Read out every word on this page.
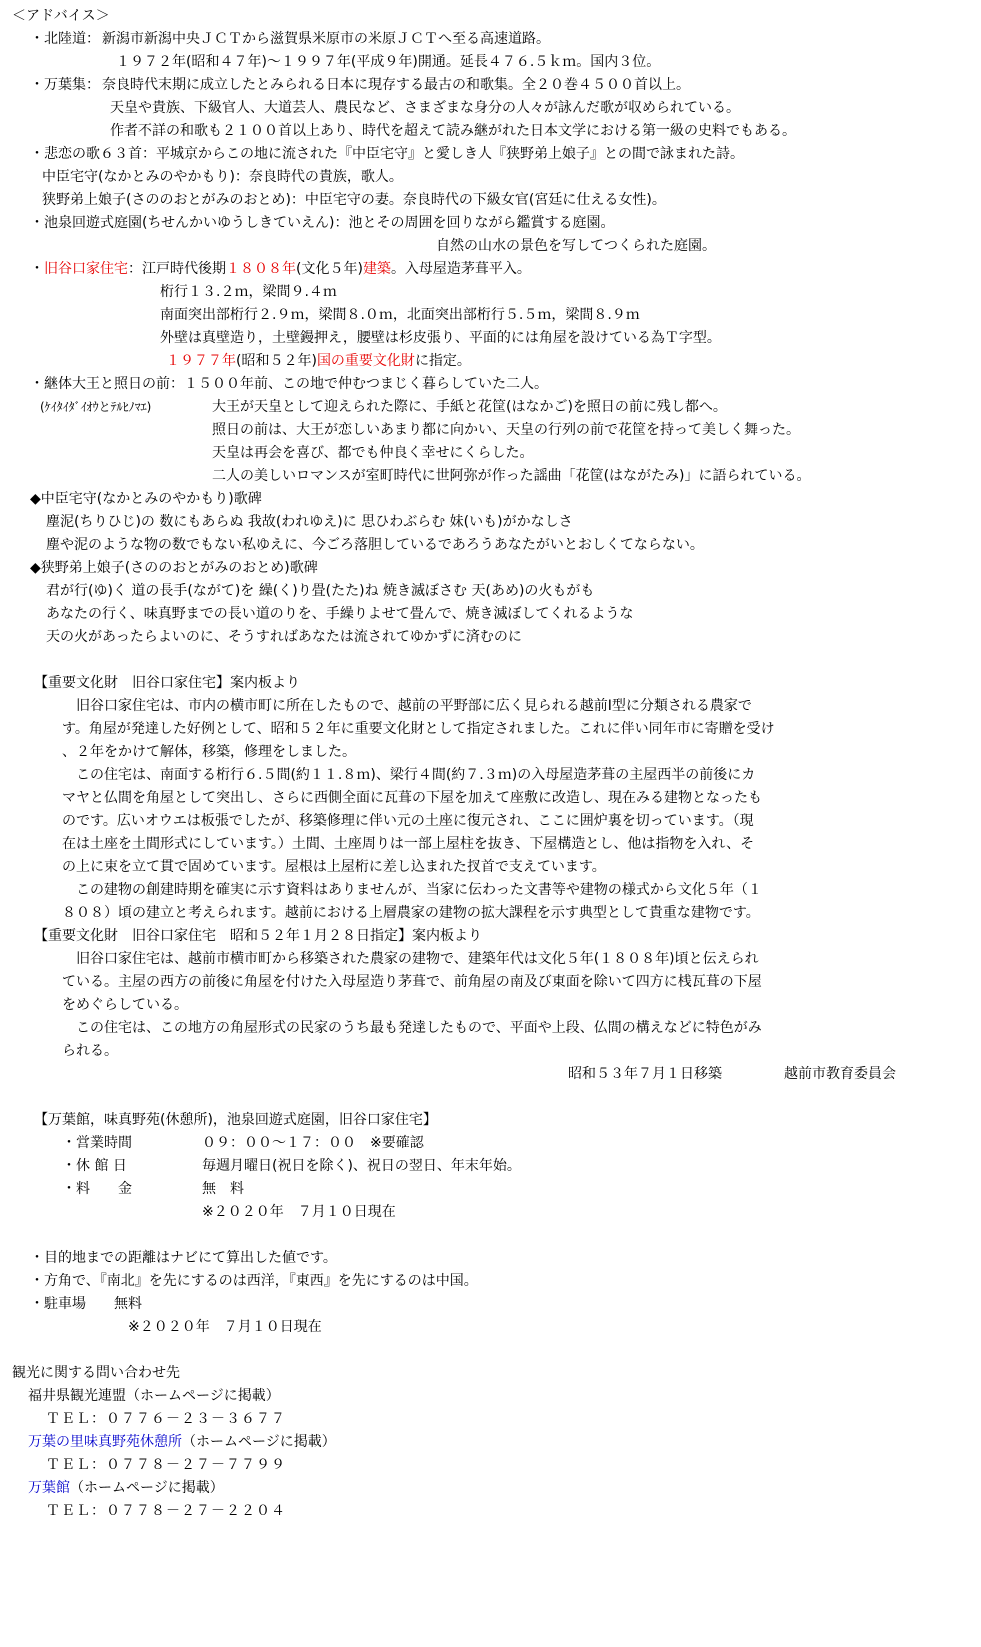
＜アドバイス＞
・北陸道： 新潟市新潟中央ＪＣＴから滋賀県米原市の米原ＪＣＴへ至る高速道路。
１９７２年(昭和４７年)～１９９７年(平成９年)開通。延長４７６.５ｋｍ。国内３位。
・万葉集： 奈良時代末期に成立したとみられる日本に現存する最古の和歌集。全２０巻４５００首以上。
天皇や貴族、下級官人、大道芸人、農民など、さまざまな身分の人々が詠んだ歌が収められている。
作者不詳の和歌も２１００首以上あり、時代を超えて読み継がれた日本文学における第一級の史料でもある。
・悲恋の歌６３首：平城京からこの地に流された『中臣宅守』と愛しき人『狭野弟上娘子』との間で詠まれた詩。
中臣宅守(なかとみのやかもり)：奈良時代の貴族，歌人。
狭野弟上娘子(さののおとがみのおとめ)：中臣宅守の妻。奈良時代の下級女官(宮廷に仕える女性)。
・池泉回遊式庭園(ちせんかいゆうしきていえん)：池とその周囲を回りながら鑑賞する庭園。
自然の山水の景色を写してつくられた庭園。
・旧谷口家住宅：江戸時代後期１８０８年(文化５年)建築。入母屋造茅葺平入。
桁行１３.２ｍ，梁間９.４ｍ
南面突出部桁行２.９ｍ，梁間８.０ｍ，北面突出部桁行５.５ｍ，梁間８.９ｍ
外壁は真壁造り，土壁鏝押え，腰壁は杉皮張り、平面的には角屋を設けている為Ｔ字型。
１９７７年(昭和５２年)国の重要文化財に指定。
・継体大王と照日の前：１５００年前、この地で仲むつまじく暮らしていた二人。
(ｹｲﾀｲﾀﾞｲｵｳとﾃﾙﾋﾉﾏｴ)	大王が天皇として迎えられた際に、手紙と花筐(はなかご)を照日の前に残し都へ。
照日の前は、大王が恋しいあまり都に向かい、天皇の行列の前で花筐を持って美しく舞った。
天皇は再会を喜び、都でも仲良く幸せにくらした。
二人の美しいロマンスが室町時代に世阿弥が作った謡曲「花筐(はながたみ)」に語られている。
◆中臣宅守(なかとみのやかもり)歌碑
塵泥(ちりひじ)の 数にもあらぬ 我故(われゆえ)に 思ひわぶらむ 妹(いも)がかなしさ
塵や泥のような物の数でもない私ゆえに、今ごろ落胆しているであろうあなたがいとおしくてならない。
◆狭野弟上娘子(さののおとがみのおとめ)歌碑
君が行(ゆ)く 道の長手(ながて)を 繰(く)り畳(たた)ね 焼き滅ぼさむ 天(あめ)の火もがも
あなたの行く、味真野までの長い道のりを、手繰りよせて畳んで、焼き滅ぼしてくれるような
天の火があったらよいのに、そうすればあなたは流されてゆかずに済むのに
【重要文化財　旧谷口家住宅】案内板より
　旧谷口家住宅は、市内の横市町に所在したもので、越前の平野部に広く見られる越前Ⅰ型に分類される農家で
す。角屋が発達した好例として、昭和５２年に重要文化財として指定されました。これに伴い同年市に寄贈を受け
、２年をかけて解体，移築，修理をしました。
　この住宅は、南面する桁行６.５間(約１１.８ｍ)、梁行４間(約７.３ｍ)の入母屋造茅葺の主屋西半の前後にカ
マヤと仏間を角屋として突出し、さらに西側全面に瓦葺の下屋を加えて座敷に改造し、現在みる建物となったも
のです。広いオウエは板張でしたが、移築修理に伴い元の土座に復元され、ここに囲炉裏を切っています。（現
在は土座を土間形式にしています。）土間、土座周りは一部上屋柱を抜き、下屋構造とし、他は指物を入れ、そ
の上に束を立て貫で固めています。屋根は上屋桁に差し込まれた扠首で支えています。
　この建物の創建時期を確実に示す資料はありませんが、当家に伝わった文書等や建物の様式から文化５年（１
８０８）頃の建立と考えられます。越前における上層農家の建物の拡大課程を示す典型として貴重な建物です。
【重要文化財　旧谷口家住宅　昭和５２年１月２８日指定】案内板より
　旧谷口家住宅は、越前市横市町から移築された農家の建物で、建築年代は文化５年(１８０８年)頃と伝えられ
ている。主屋の西方の前後に角屋を付けた入母屋造り茅葺で、前角屋の南及び東面を除いて四方に桟瓦葺の下屋
をめぐらしている。
　この住宅は、この地方の角屋形式の民家のうち最も発達したもので、平面や上段、仏間の構えなどに特色がみ
られる。
昭和５３年７月１日移築	越前市教育委員会
【万葉館，味真野苑(休憩所)，池泉回遊式庭園，旧谷口家住宅】
・営業時間	０９：００～１７：００　※要確認
・休 館 日	毎週月曜日(祝日を除く)、祝日の翌日、年末年始。
・料　　金	無　料
※２０２０年　７月１０日現在
・目的地までの距離はナビにて算出した値です。
・方角で、『南北』を先にするのは西洋，『東西』を先にするのは中国。
・駐車場　　無料
※２０２０年　７月１０日現在
観光に関する問い合わせ先
福井県観光連盟（ホームページに掲載）
ＴＥＬ：０７７６－２３－３６７７
万葉の里味真野苑休憩所（ホームページに掲載）
ＴＥＬ：０７７８－２７－７７９９
万葉館（ホームページに掲載）
ＴＥＬ：０７７８－２７－２２０４
